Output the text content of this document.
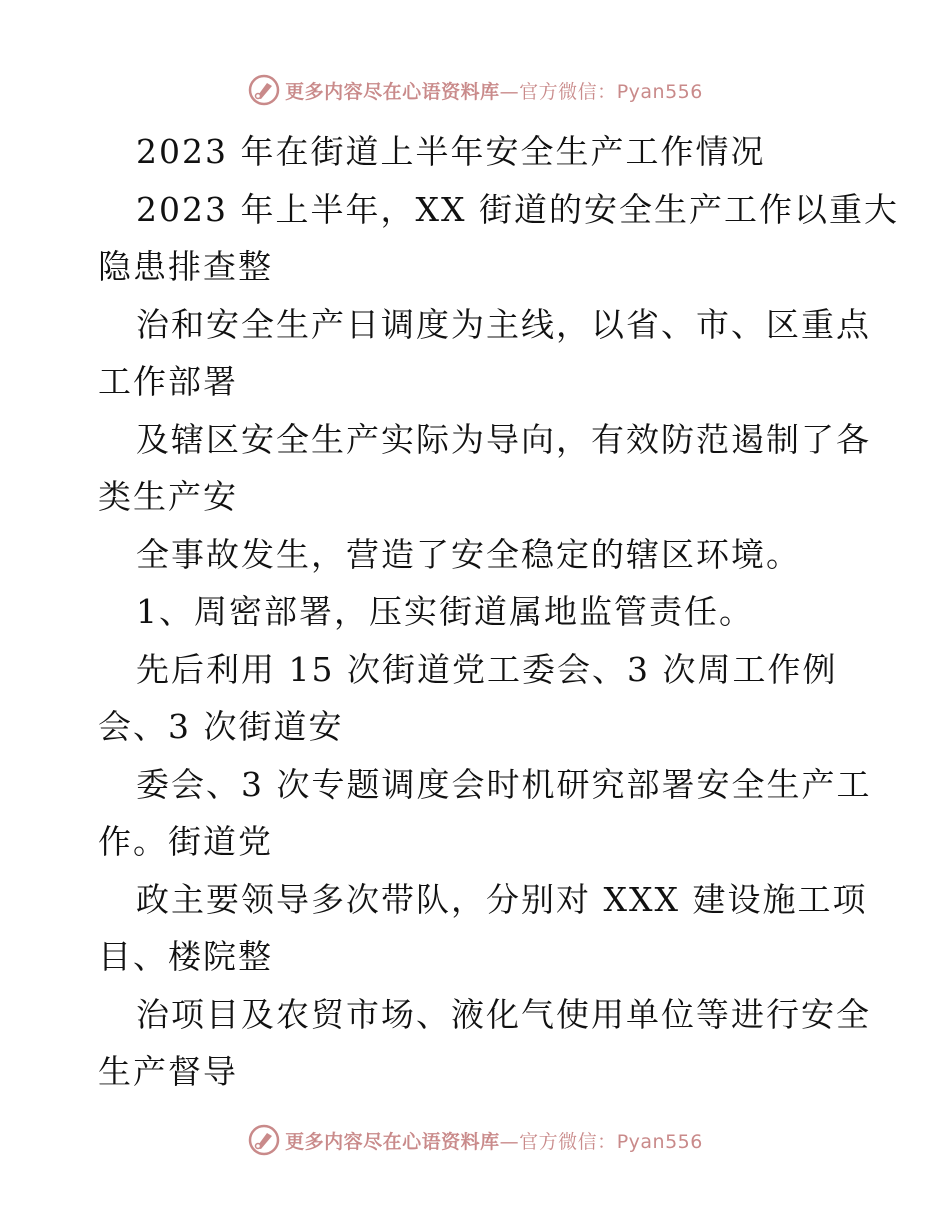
更多内容尽在心语资料库—官方微信：Pyan556
2023 年在街道上半年安全生产工作情况
2023 年上半年，XX 街道的安全生产工作以重大
隐患排查整
治和安全生产日调度为主线，以省、市、区重点
工作部署
及辖区安全生产实际为导向，有效防范遏制了各
类生产安
全事故发生，营造了安全稳定的辖区环境。
1、周密部署，压实街道属地监管责任。
先后利用 15 次街道党工委会、3 次周工作例
会、3 次街道安
委会、3 次专题调度会时机研究部署安全生产工
作。街道党
政主要领导多次带队，分别对 XXX 建设施工项
目、楼院整
治项目及农贸市场、液化气使用单位等进行安全
生产督导
更多内容尽在心语资料库—官方微信：Pyan556
